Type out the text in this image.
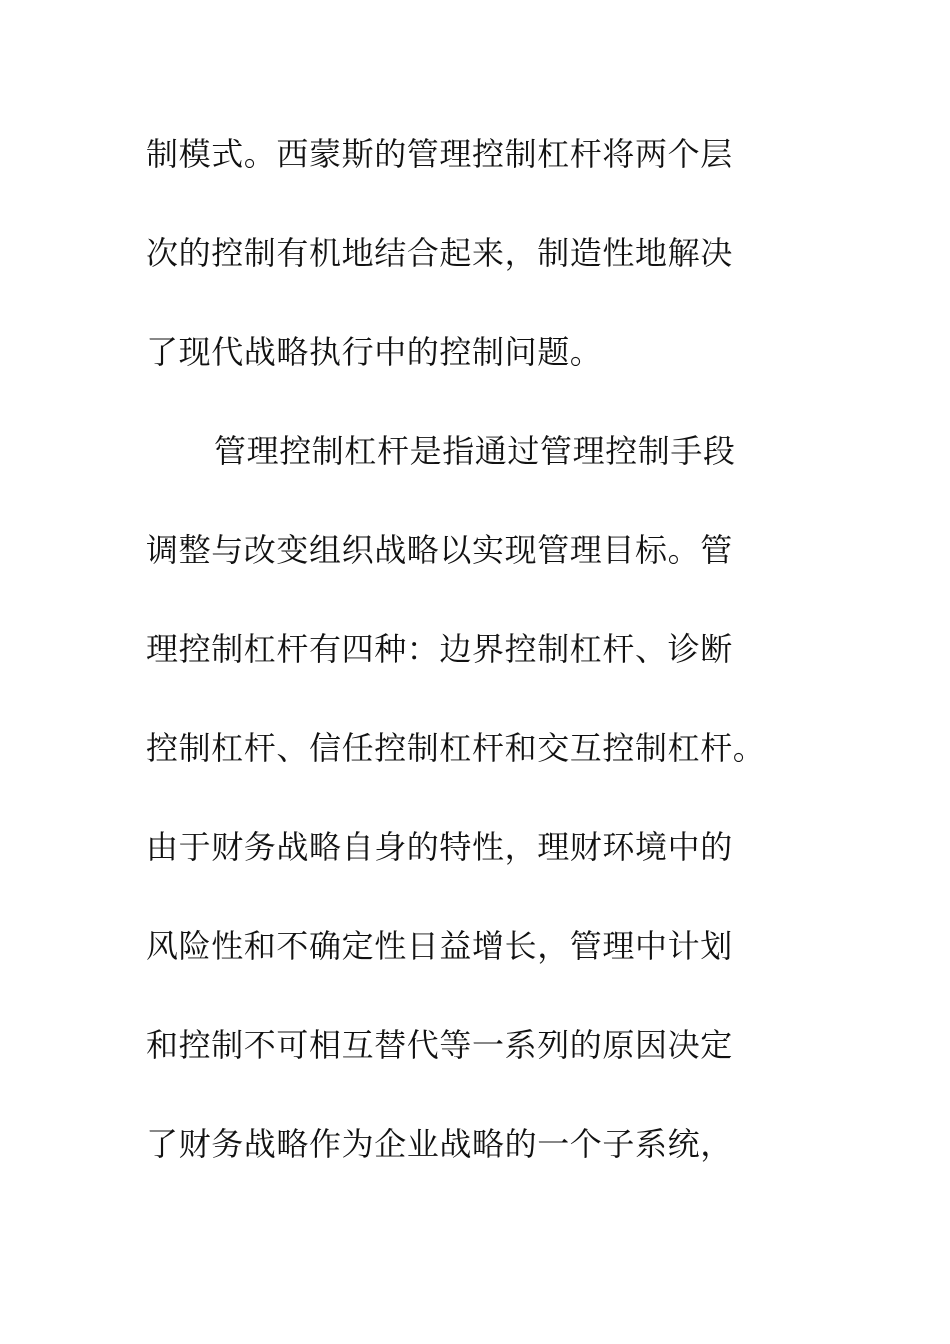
制模式。西蒙斯的管理控制杠杆将两个层
次的控制有机地结合起来，制造性地解决
了现代战略执行中的控制问题。
管理控制杠杆是指通过管理控制手段
调整与改变组织战略以实现管理目标。管
理控制杠杆有四种：边界控制杠杆、诊断
控制杠杆、信任控制杠杆和交互控制杠杆。
由于财务战略自身的特性，理财环境中的
风险性和不确定性日益增长，管理中计划
和控制不可相互替代等一系列的原因决定
了财务战略作为企业战略的一个子系统，
